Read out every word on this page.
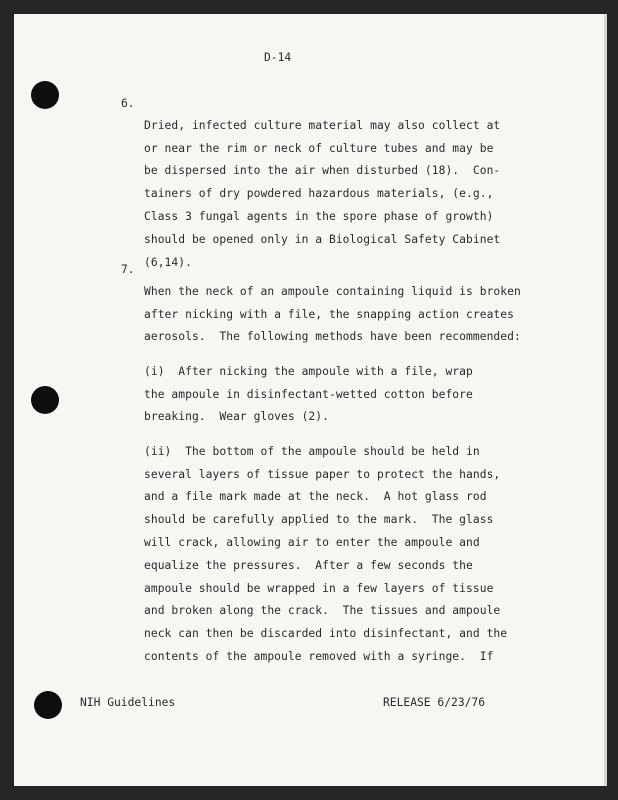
D-14
6.

Dried, infected culture material may also collect at
or near the rim or neck of culture tubes and may be
be dispersed into the air when disturbed (18).  Con-
tainers of dry powdered hazardous materials, (e.g.,
Class 3 fungal agents in the spore phase of growth)
should be opened only in a Biological Safety Cabinet
(6,14).

7.

When the neck of an ampoule containing liquid is broken
after nicking with a file, the snapping action creates
aerosols.  The following methods have been recommended:

(i)  After nicking the ampoule with a file, wrap
the ampoule in disinfectant-wetted cotton before
breaking.  Wear gloves (2).

(ii)  The bottom of the ampoule should be held in
several layers of tissue paper to protect the hands,
and a file mark made at the neck.  A hot glass rod
should be carefully applied to the mark.  The glass
will crack, allowing air to enter the ampoule and
equalize the pressures.  After a few seconds the
ampoule should be wrapped in a few layers of tissue
and broken along the crack.  The tissues and ampoule
neck can then be discarded into disinfectant, and the
contents of the ampoule removed with a syringe.  If

NIH Guidelines	RELEASE 6/23/76
